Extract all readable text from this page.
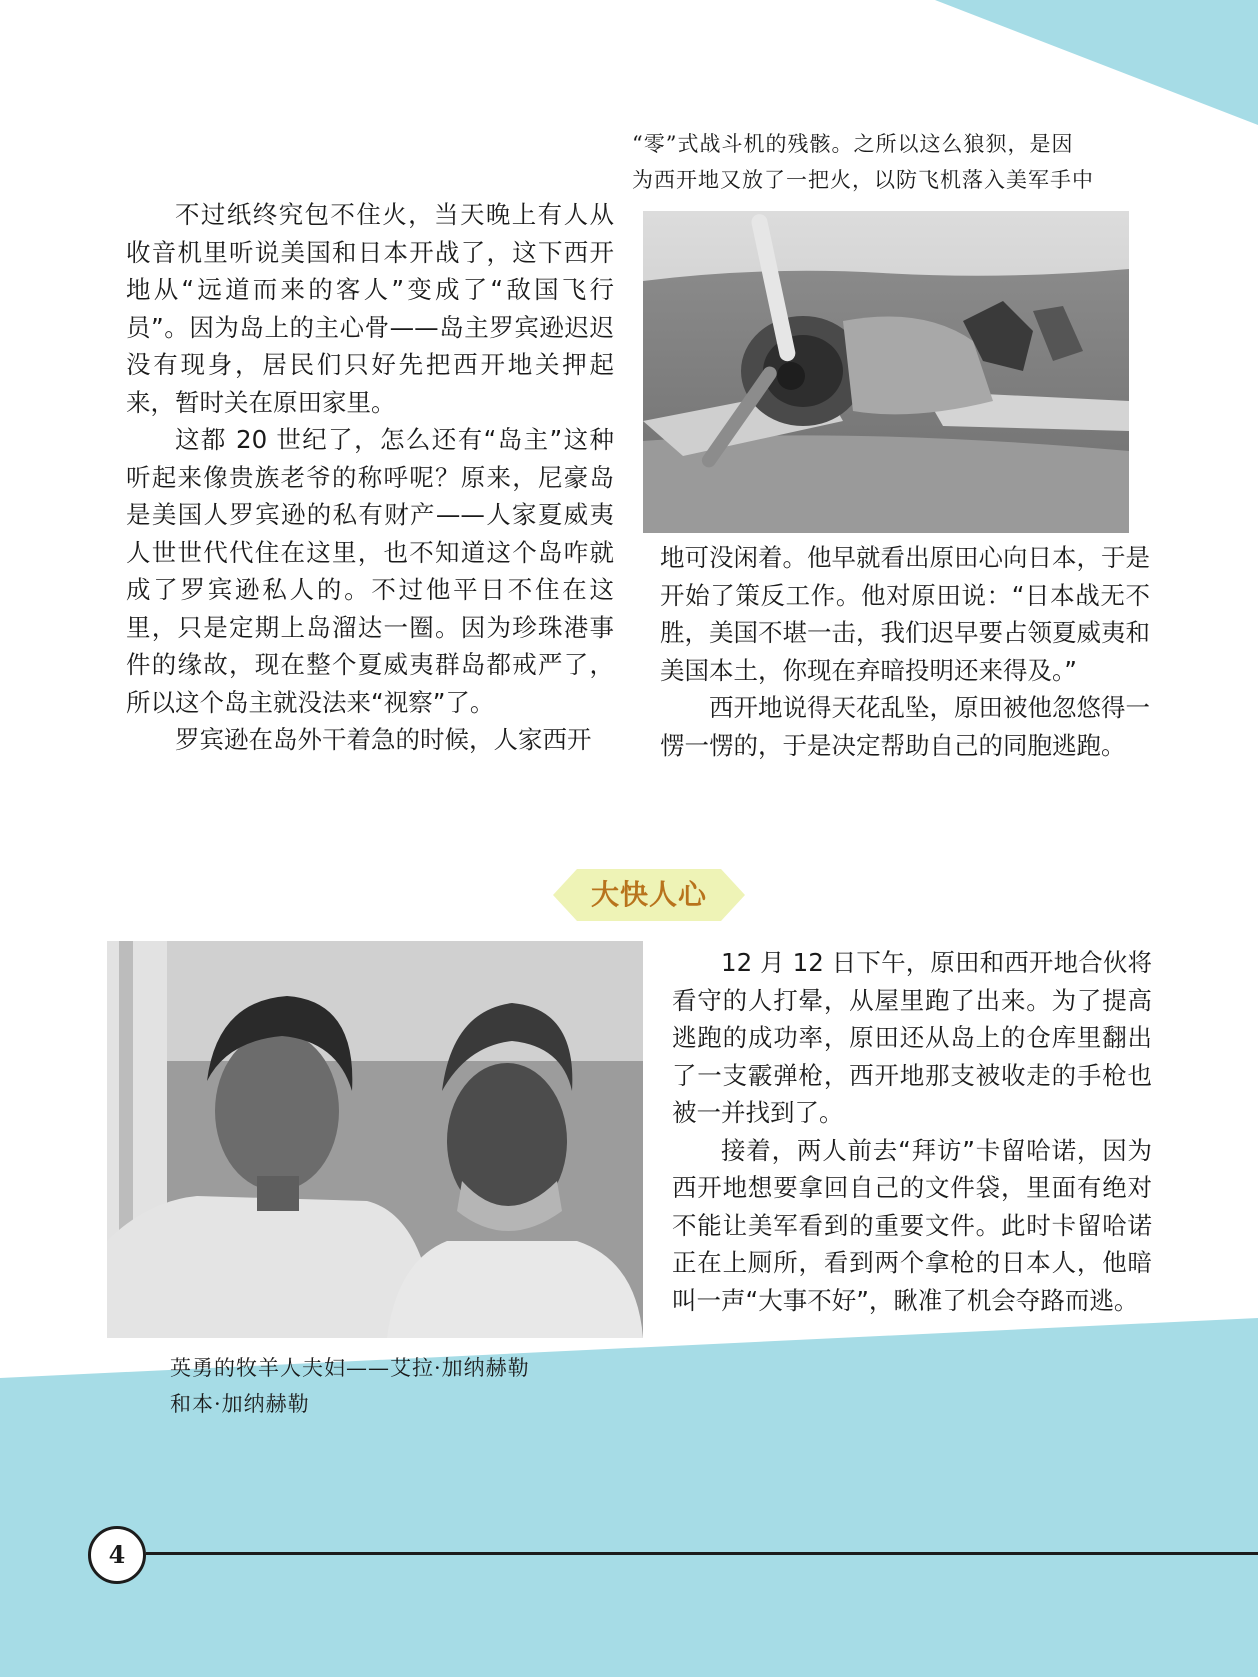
“零”式战斗机的残骸。之所以这么狼狈，是因
为西开地又放了一把火，以防飞机落入美军手中

不过纸终究包不住火，当天晚上有人从收音机里听说美国和日本开战了，这下西开地从“远道而来的客人”变成了“敌国飞行员”。因为岛上的主心骨——岛主罗宾逊迟迟没有现身，居民们只好先把西开地关押起来，暂时关在原田家里。

这都 20 世纪了，怎么还有“岛主”这种听起来像贵族老爷的称呼呢？原来，尼豪岛是美国人罗宾逊的私有财产——人家夏威夷人世世代代住在这里，也不知道这个岛咋就成了罗宾逊私人的。不过他平日不住在这里，只是定期上岛溜达一圈。因为珍珠港事件的缘故，现在整个夏威夷群岛都戒严了，所以这个岛主就没法来“视察”了。

罗宾逊在岛外干着急的时候，人家西开

地可没闲着。他早就看出原田心向日本，于是开始了策反工作。他对原田说：“日本战无不胜，美国不堪一击，我们迟早要占领夏威夷和美国本土，你现在弃暗投明还来得及。”

西开地说得天花乱坠，原田被他忽悠得一愣一愣的，于是决定帮助自己的同胞逃跑。

大快人心
英勇的牧羊人夫妇——艾拉·加纳赫勒
和本·加纳赫勒

12 月 12 日下午，原田和西开地合伙将看守的人打晕，从屋里跑了出来。为了提高逃跑的成功率，原田还从岛上的仓库里翻出了一支霰弹枪，西开地那支被收走的手枪也被一并找到了。

接着，两人前去“拜访”卡留哈诺，因为西开地想要拿回自己的文件袋，里面有绝对不能让美军看到的重要文件。此时卡留哈诺正在上厕所，看到两个拿枪的日本人，他暗叫一声“大事不好”，瞅准了机会夺路而逃。

4
